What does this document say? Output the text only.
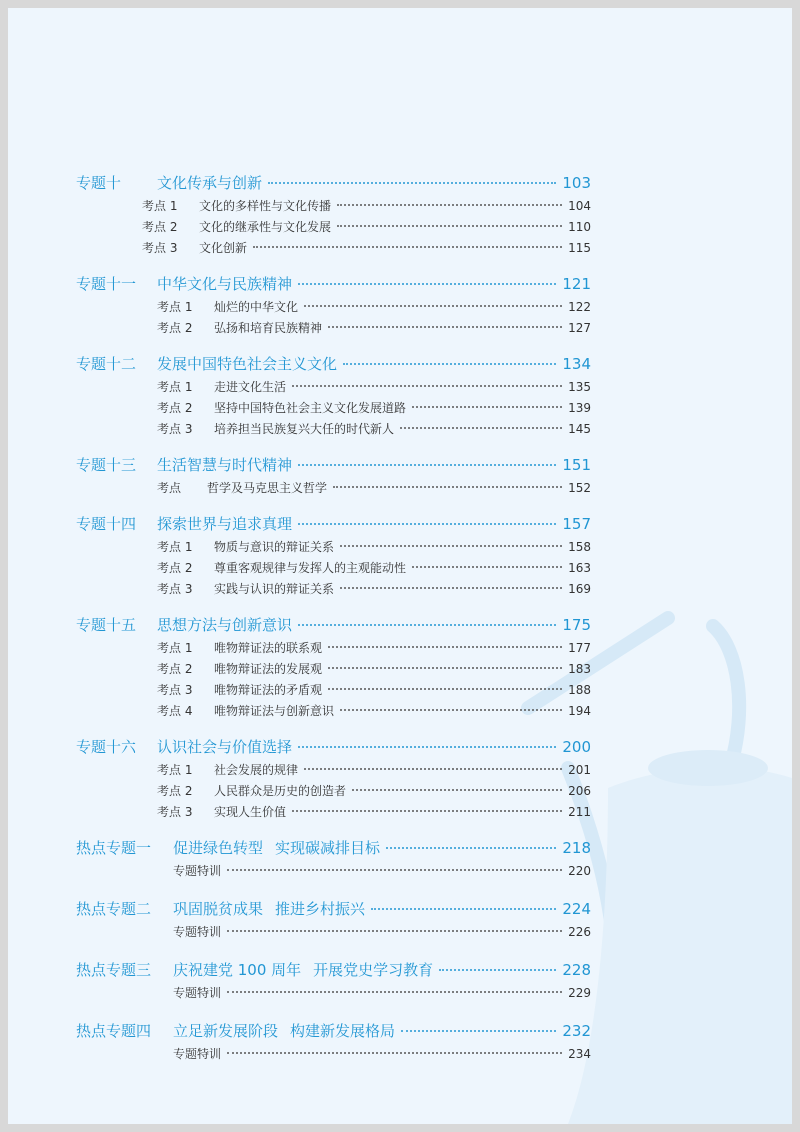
专题十	文化传承与创新	103
考点 1	文化的多样性与文化传播	104
考点 2	文化的继承性与文化发展	110
考点 3	文化创新	115
专题十一	中华文化与民族精神	121
考点 1	灿烂的中华文化	122
考点 2	弘扬和培育民族精神	127
专题十二	发展中国特色社会主义文化	134
考点 1	走进文化生活	135
考点 2	坚持中国特色社会主义文化发展道路	139
考点 3	培养担当民族复兴大任的时代新人	145
专题十三	生活智慧与时代精神	151
考点	哲学及马克思主义哲学	152
专题十四	探索世界与追求真理	157
考点 1	物质与意识的辩证关系	158
考点 2	尊重客观规律与发挥人的主观能动性	163
考点 3	实践与认识的辩证关系	169
专题十五	思想方法与创新意识	175
考点 1	唯物辩证法的联系观	177
考点 2	唯物辩证法的发展观	183
考点 3	唯物辩证法的矛盾观	188
考点 4	唯物辩证法与创新意识	194
专题十六	认识社会与价值选择	200
考点 1	社会发展的规律	201
考点 2	人民群众是历史的创造者	206
考点 3	实现人生价值	211
热点专题一	促进绿色转型 实现碳减排目标	218
专题特训	220
热点专题二	巩固脱贫成果 推进乡村振兴	224
专题特训	226
热点专题三	庆祝建党 100 周年 开展党史学习教育	228
专题特训	229
热点专题四	立足新发展阶段 构建新发展格局	232
专题特训	234
